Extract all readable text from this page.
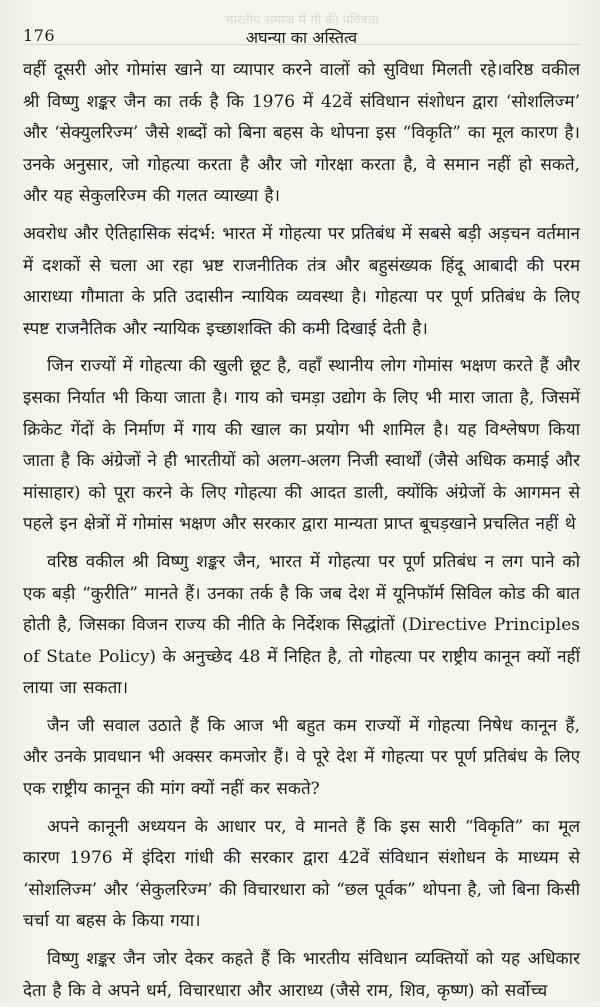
भारतीय समाज में गौ की पवित्रता
176	अघन्या का अस्तित्व

वहीं दूसरी ओर गोमांस खाने या व्यापार करने वालों को सुविधा मिलती रहे।वरिष्ठ वकील श्री विष्णु शङ्कर जैन का तर्क है कि 1976 में 42वें संविधान संशोधन द्वारा ‘सोशलिज्म’ और ‘सेक्युलरिज्म’ जैसे शब्दों को बिना बहस के थोपना इस “विकृति” का मूल कारण है। उनके अनुसार, जो गोहत्या करता है और जो गोरक्षा करता है, वे समान नहीं हो सकते, और यह सेकुलरिज्म की गलत व्याख्या है।

अवरोध और ऐतिहासिक संदर्भ: भारत में गोहत्या पर प्रतिबंध में सबसे बड़ी अड़चन वर्तमान में दशकों से चला आ रहा भ्रष्ट राजनीतिक तंत्र और बहुसंख्यक हिंदू आबादी की परम आराध्या गौमाता के प्रति उदासीन न्यायिक व्यवस्था है। गोहत्या पर पूर्ण प्रतिबंध के लिए स्पष्ट राजनैतिक और न्यायिक इच्छाशक्ति की कमी दिखाई देती है।

जिन राज्यों में गोहत्या की खुली छूट है, वहाँ स्थानीय लोग गोमांस भक्षण करते हैं और इसका निर्यात भी किया जाता है। गाय को चमड़ा उद्योग के लिए भी मारा जाता है, जिसमें क्रिकेट गेंदों के निर्माण में गाय की खाल का प्रयोग भी शामिल है। यह विश्लेषण किया जाता है कि अंग्रेजों ने ही भारतीयों को अलग-अलग निजी स्वार्थों (जैसे अधिक कमाई और मांसाहार) को पूरा करने के लिए गोहत्या की आदत डाली, क्योंकि अंग्रेजों के आगमन से पहले इन क्षेत्रों में गोमांस भक्षण और सरकार द्वारा मान्यता प्राप्त बूचड़खाने प्रचलित नहीं थे

वरिष्ठ वकील श्री विष्णु शङ्कर जैन, भारत में गोहत्या पर पूर्ण प्रतिबंध न लग पाने को एक बड़ी “कुरीति” मानते हैं। उनका तर्क है कि जब देश में यूनिफॉर्म सिविल कोड की बात होती है, जिसका विजन राज्य की नीति के निर्देशक सिद्धांतों (Directive Principles of State Policy) के अनुच्छेद 48 में निहित है, तो गोहत्या पर राष्ट्रीय कानून क्यों नहीं लाया जा सकता।

जैन जी सवाल उठाते हैं कि आज भी बहुत कम राज्यों में गोहत्या निषेध कानून हैं, और उनके प्रावधान भी अक्सर कमजोर हैं। वे पूरे देश में गोहत्या पर पूर्ण प्रतिबंध के लिए एक राष्ट्रीय कानून की मांग क्यों नहीं कर सकते?

अपने कानूनी अध्ययन के आधार पर, वे मानते हैं कि इस सारी “विकृति” का मूल कारण 1976 में इंदिरा गांधी की सरकार द्वारा 42वें संविधान संशोधन के माध्यम से ‘सोशलिज्म’ और ‘सेकुलरिज्म’ की विचारधारा को “छल पूर्वक” थोपना है, जो बिना किसी चर्चा या बहस के किया गया।

विष्णु शङ्कर जैन जोर देकर कहते हैं कि भारतीय संविधान व्यक्तियों को यह अधिकार देता है कि वे अपने धर्म, विचारधारा और आराध्य (जैसे राम, शिव, कृष्ण) को सर्वोच्च
